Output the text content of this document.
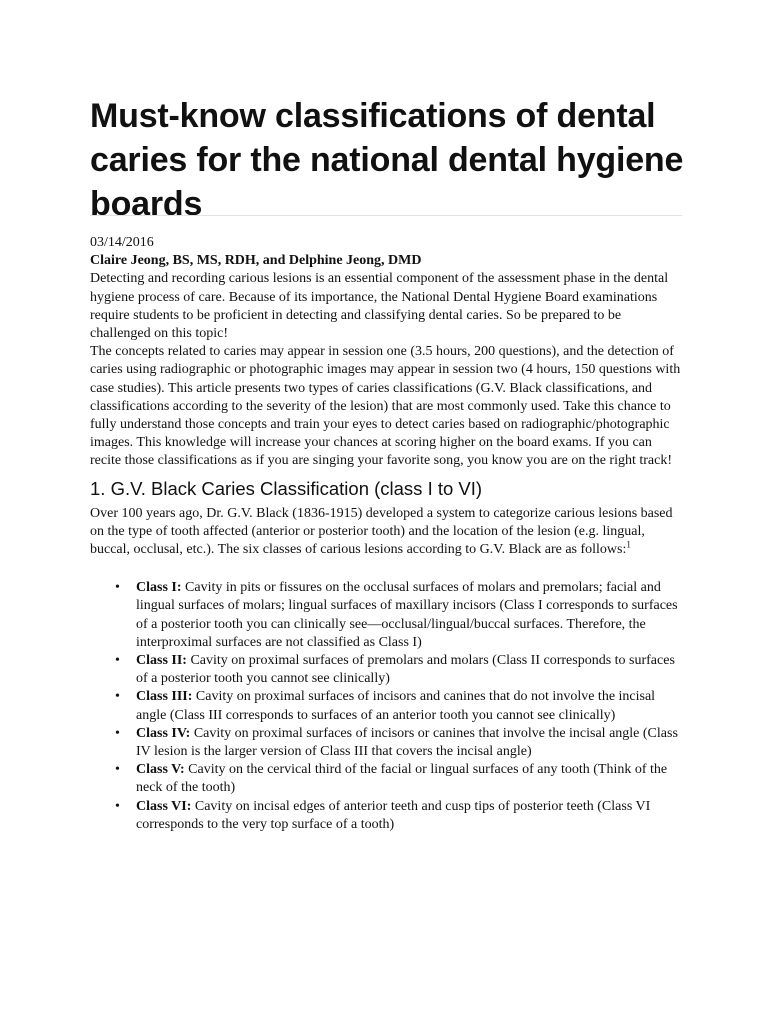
Must-know classifications of dental caries for the national dental hygiene boards

03/14/2016

Claire Jeong, BS, MS, RDH, and Delphine Jeong, DMD

Detecting and recording carious lesions is an essential component of the assessment phase in the dental hygiene process of care. Because of its importance, the National Dental Hygiene Board examinations require students to be proficient in detecting and classifying dental caries. So be prepared to be challenged on this topic!

The concepts related to caries may appear in session one (3.5 hours, 200 questions), and the detection of caries using radiographic or photographic images may appear in session two (4 hours, 150 questions with case studies). This article presents two types of caries classifications (G.V. Black classifications, and classifications according to the severity of the lesion) that are most commonly used. Take this chance to fully understand those concepts and train your eyes to detect caries based on radiographic/photographic images. This knowledge will increase your chances at scoring higher on the board exams. If you can recite those classifications as if you are singing your favorite song, you know you are on the right track!

1. G.V. Black Caries Classification (class I to VI)

Over 100 years ago, Dr. G.V. Black (1836-1915) developed a system to categorize carious lesions based on the type of tooth affected (anterior or posterior tooth) and the location of the lesion (e.g. lingual, buccal, occlusal, etc.). The six classes of carious lesions according to G.V. Black are as follows:$^1$

• Class I: Cavity in pits or fissures on the occlusal surfaces of molars and premolars; facial and lingual surfaces of molars; lingual surfaces of maxillary incisors (Class I corresponds to surfaces of a posterior tooth you can clinically see—occlusal/lingual/buccal surfaces. Therefore, the interproximal surfaces are not classified as Class I)
• Class II: Cavity on proximal surfaces of premolars and molars (Class II corresponds to surfaces of a posterior tooth you cannot see clinically)
• Class III: Cavity on proximal surfaces of incisors and canines that do not involve the incisal angle (Class III corresponds to surfaces of an anterior tooth you cannot see clinically)
• Class IV: Cavity on proximal surfaces of incisors or canines that involve the incisal angle (Class IV lesion is the larger version of Class III that covers the incisal angle)
• Class V: Cavity on the cervical third of the facial or lingual surfaces of any tooth (Think of the neck of the tooth)
• Class VI: Cavity on incisal edges of anterior teeth and cusp tips of posterior teeth (Class VI corresponds to the very top surface of a tooth)
